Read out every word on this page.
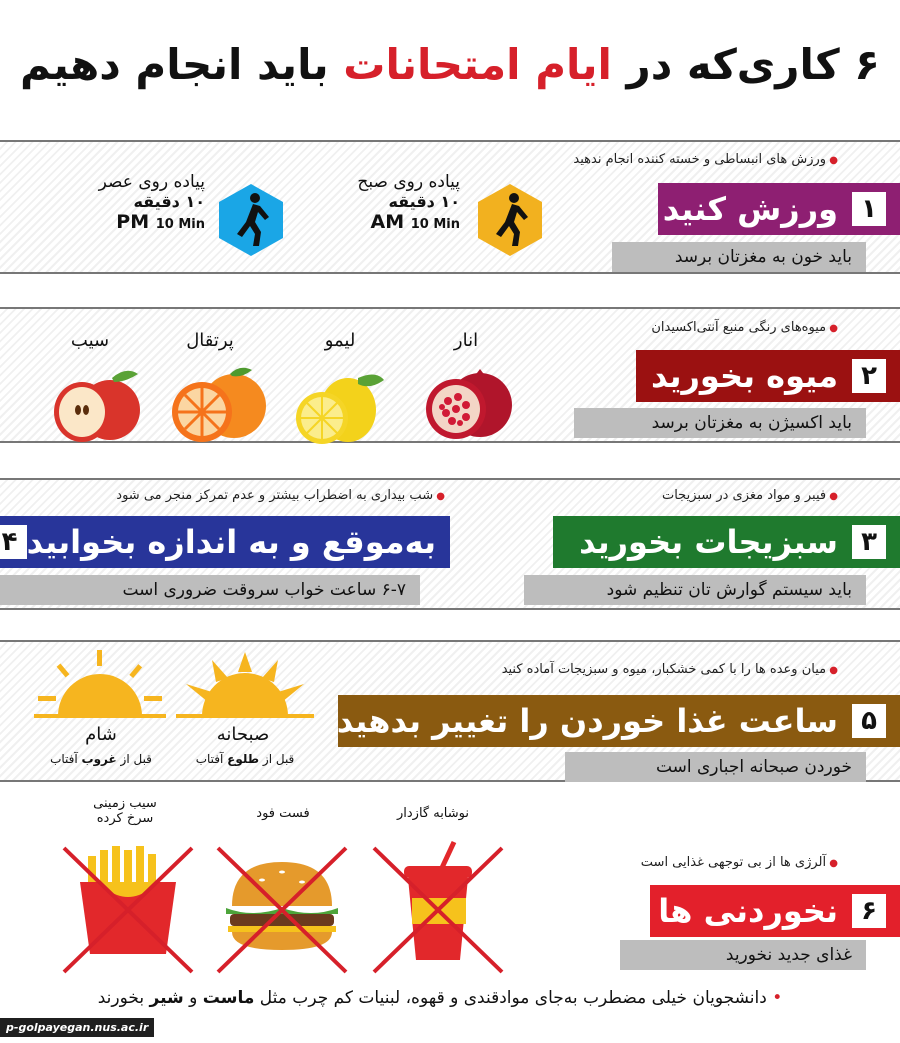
۶ کاری‌که در ایام امتحانات باید انجام دهیم
● ورزش های انبساطی و خسته کننده انجام ندهید
۱
ورزش کنید
باید خون به مغزتان برسد
پیاده روی صبح
۱۰ دقیقه
AM 10 Min
پیاده روی عصر
۱۰ دقیقه
PM 10 Min
● میوه‌های رنگی منبع آنتی‌اکسیدان
۲
میوه بخورید
باید اکسیژن به مغزتان برسد
انار
لیمو
پرتقال
سیب
● فیبر و مواد مغزی در سبزیجات
۳
سبزیجات بخورید
باید سیستم گوارش تان تنظیم شود
● شب بیداری به اضطراب بیشتر و عدم تمرکز منجر می شود
به‌موقع و به اندازه بخوابید
۴
۶-۷ ساعت خواب سروقت ضروری است
● میان وعده ها را با کمی خشکبار، میوه و سبزیجات آماده کنید
۵
ساعت غذا خوردن را تغییر بدهید
خوردن صبحانه اجباری است
صبحانه
قبل از طلوع آفتاب
شام
قبل از غروب آفتاب
● آلرژی ها از بی توجهی غذایی است
۶
نخوردنی ها
غذای جدید نخورید
نوشابه گازدار
فست فود
سیب زمینی
سرخ کرده
• دانشجویان خیلی مضطرب به‌جای موادقندی و قهوه، لبنیات کم چرب مثل ماست و شیر بخورند
p-golpayegan.nus.ac.ir
